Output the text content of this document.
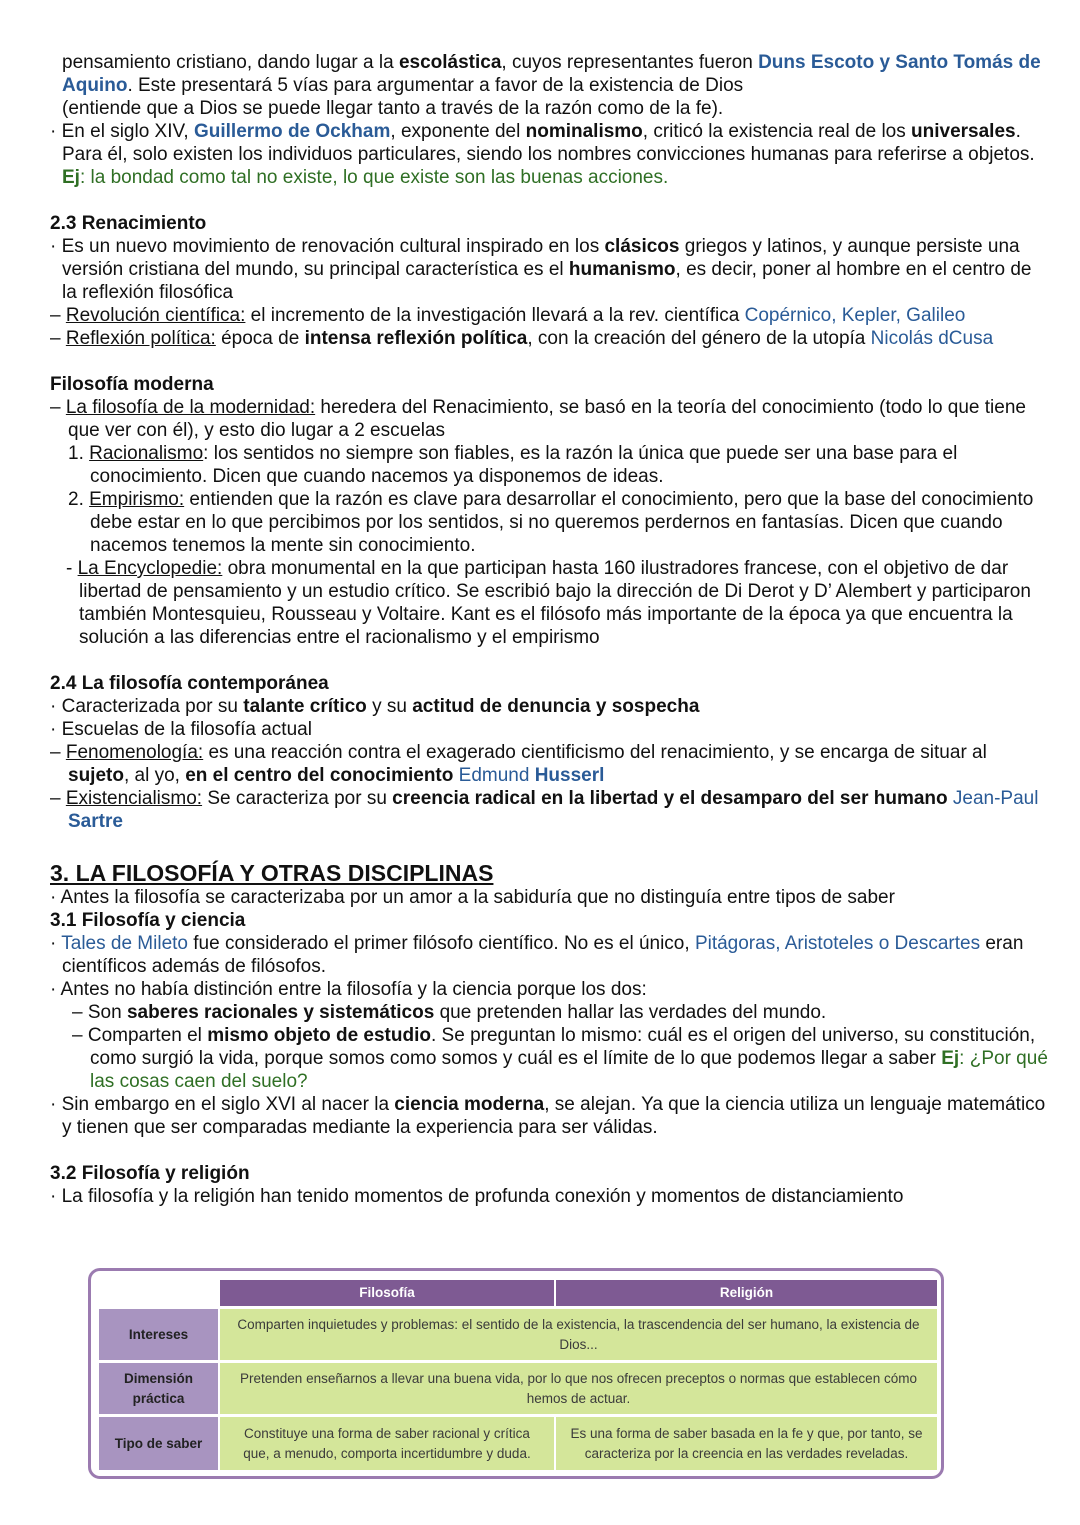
pensamiento cristiano, dando lugar a la escolástica, cuyos representantes fueron Duns Escoto y Santo Tomás de Aquino. Este presentará 5 vías para argumentar a favor de la existencia de Dios

(entiende que a Dios se puede llegar tanto a través de la razón como de la fe).

· En el siglo XIV, Guillermo de Ockham, exponente del nominalismo, criticó la existencia real de los universales. Para él, solo existen los individuos particulares, siendo los nombres convicciones humanas para referirse a objetos.

Ej: la bondad como tal no existe, lo que existe son las buenas acciones.

2.3 Renacimiento

· Es un nuevo movimiento de renovación cultural inspirado en los clásicos griegos y latinos, y aunque persiste una versión cristiana del mundo, su principal característica es el humanismo, es decir, poner al hombre en el centro de la reflexión filosófica

– Revolución científica: el incremento de la investigación llevará a la rev. científica Copérnico, Kepler, Galileo

– Reflexión política: época de intensa reflexión política, con la creación del género de la utopía Nicolás dCusa

Filosofía moderna

– La filosofía de la modernidad: heredera del Renacimiento, se basó en la teoría del conocimiento (todo lo que tiene que ver con él), y esto dio lugar a 2 escuelas

1. Racionalismo: los sentidos no siempre son fiables, es la razón la única que puede ser una base para el conocimiento. Dicen que cuando nacemos ya disponemos de ideas.

2. Empirismo: entienden que la razón es clave para desarrollar el conocimiento, pero que la base del conocimiento debe estar en lo que percibimos por los sentidos, si no queremos perdernos en fantasías. Dicen que cuando nacemos tenemos la mente sin conocimiento.

- La Encyclopedie: obra monumental en la que participan hasta 160 ilustradores francese, con el objetivo de dar libertad de pensamiento y un estudio crítico. Se escribió bajo la dirección de Di Derot y D’ Alembert y participaron también Montesquieu, Rousseau y Voltaire. Kant es el filósofo más importante de la época ya que encuentra la solución a las diferencias entre el racionalismo y el empirismo

2.4 La filosofía contemporánea

· Caracterizada por su talante crítico y su actitud de denuncia y sospecha

· Escuelas de la filosofía actual

– Fenomenología: es una reacción contra el exagerado cientificismo del renacimiento, y se encarga de situar al sujeto, al yo, en el centro del conocimiento Edmund Husserl

– Existencialismo: Se caracteriza por su creencia radical en la libertad y el desamparo del ser humano Jean-Paul Sartre

3. LA FILOSOFÍA Y OTRAS DISCIPLINAS

· Antes la filosofía se caracterizaba por un amor a la sabiduría que no distinguía entre tipos de saber

3.1 Filosofía y ciencia

· Tales de Mileto fue considerado el primer filósofo científico. No es el único, Pitágoras, Aristoteles o Descartes eran científicos además de filósofos.

· Antes no había distinción entre la filosofía y la ciencia porque los dos:

– Son saberes racionales y sistemáticos que pretenden hallar las verdades del mundo.

– Comparten el mismo objeto de estudio. Se preguntan lo mismo: cuál es el origen del universo, su constitución, como surgió la vida, porque somos como somos y cuál es el límite de lo que podemos llegar a saber Ej: ¿Por qué las cosas caen del suelo?

· Sin embargo en el siglo XVI al nacer la ciencia moderna, se alejan. Ya que la ciencia utiliza un lenguaje matemático y tienen que ser comparadas mediante la experiencia para ser válidas.

3.2 Filosofía y religión

· La filosofía y la religión han tenido momentos de profunda conexión y momentos de distanciamiento

Filosofía	Religión
Intereses
Comparten inquietudes y problemas: el sentido de la existencia, la trascendencia del ser humano, la existencia de Dios...
Dimensión práctica
Pretenden enseñarnos a llevar una buena vida, por lo que nos ofrecen preceptos o normas que establecen cómo hemos de actuar.
Tipo de saber
Constituye una forma de saber racional y crítica que, a menudo, comporta incertidumbre y duda.
Es una forma de saber basada en la fe y que, por tanto, se caracteriza por la creencia en las verdades reveladas.
